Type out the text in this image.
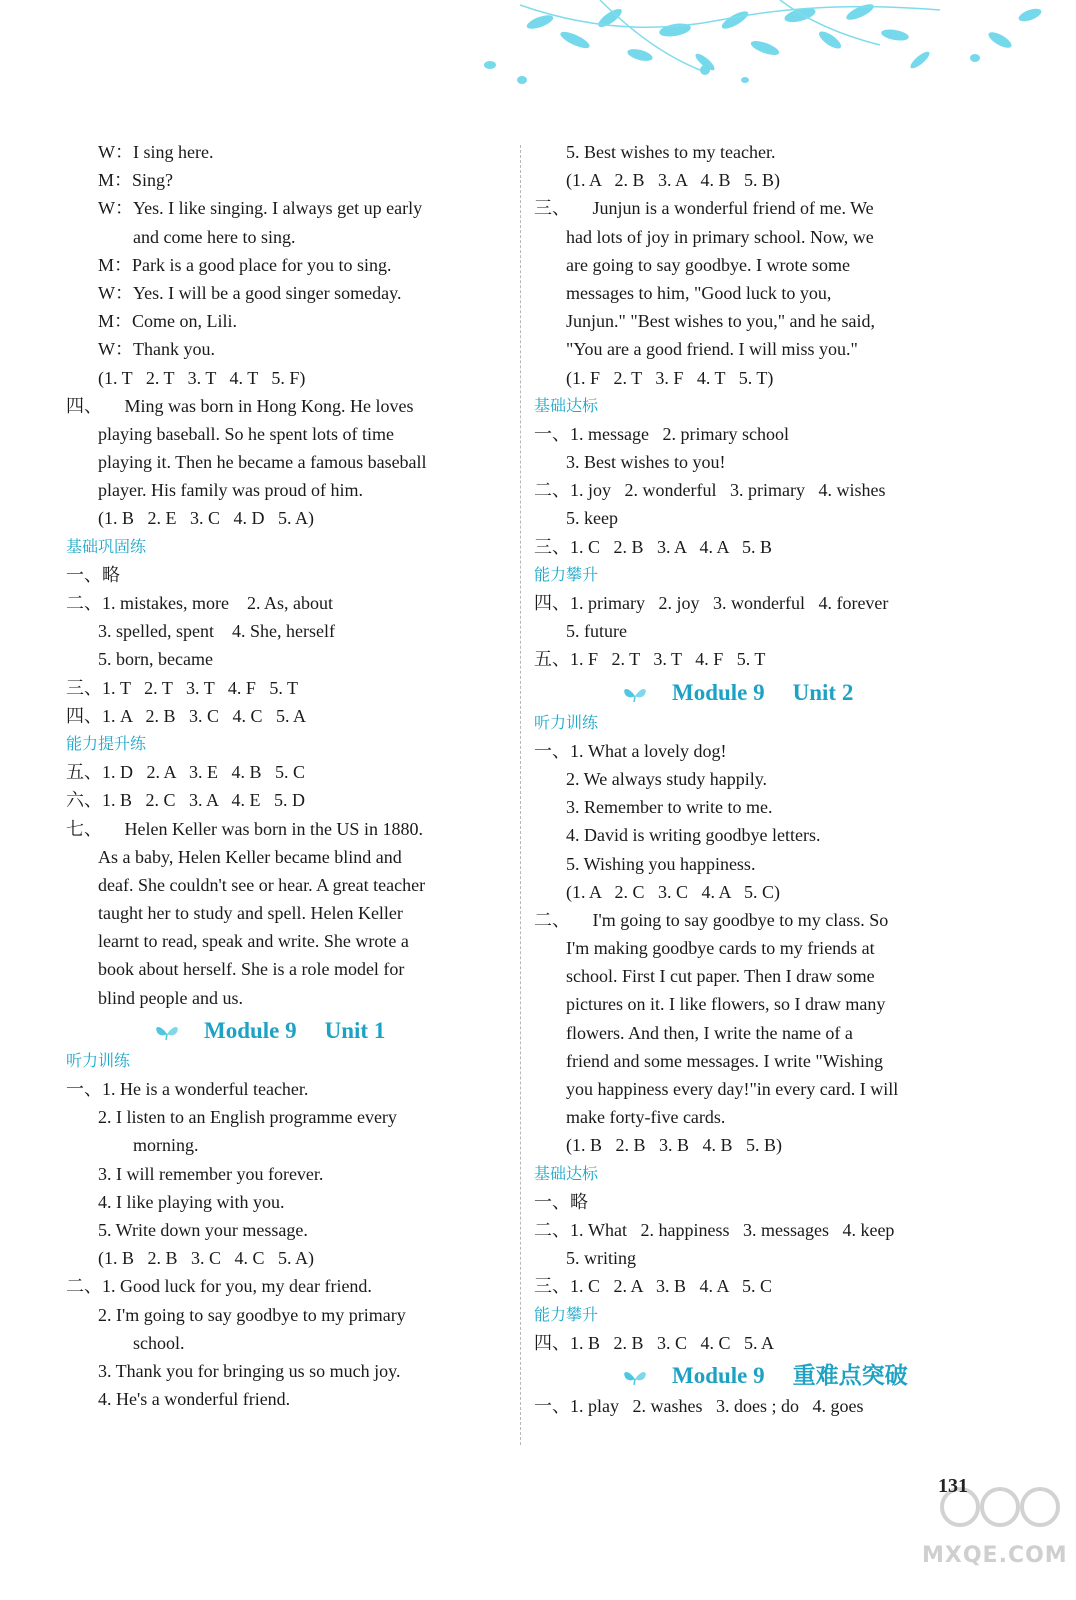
W：I sing here.
M：Sing?
W：Yes. I like singing. I always get up early
and come here to sing.
M：Park is a good place for you to sing.
W：Yes. I will be a good singer someday.
M：Come on, Lili.
W：Thank you.
(1. T   2. T   3. T   4. T   5. F)
四、     Ming was born in Hong Kong. He loves
playing baseball. So he spent lots of time
playing it. Then he became a famous baseball
player. His family was proud of him.
(1. B   2. E   3. C   4. D   5. A)
基础巩固练
一、略
二、1. mistakes, more    2. As, about
3. spelled, spent    4. She, herself
5. born, became
三、1. T   2. T   3. T   4. F   5. T
四、1. A   2. B   3. C   4. C   5. A
能力提升练
五、1. D   2. A   3. E   4. B   5. C
六、1. B   2. C   3. A   4. E   5. D
七、     Helen Keller was born in the US in 1880.
As a baby, Helen Keller became blind and
deaf. She couldn't see or hear. A great teacher
taught her to study and spell. Helen Keller
learnt to read, speak and write. She wrote a
book about herself. She is a role model for
blind people and us.
Module 9 Unit 1
听力训练
一、1. He is a wonderful teacher.
2. I listen to an English programme every
morning.
3. I will remember you forever.
4. I like playing with you.
5. Write down your message.
(1. B   2. B   3. C   4. C   5. A)
二、1. Good luck for you, my dear friend.
2. I'm going to say goodbye to my primary
school.
3. Thank you for bringing us so much joy.
4. He's a wonderful friend.
5. Best wishes to my teacher.
(1. A   2. B   3. A   4. B   5. B)
三、     Junjun is a wonderful friend of me. We
had lots of joy in primary school. Now, we
are going to say goodbye. I wrote some
messages to him, "Good luck to you,
Junjun." "Best wishes to you," and he said,
"You are a good friend. I will miss you."
(1. F   2. T   3. F   4. T   5. T)
基础达标
一、1. message   2. primary school
3. Best wishes to you!
二、1. joy   2. wonderful   3. primary   4. wishes
5. keep
三、1. C   2. B   3. A   4. A   5. B
能力攀升
四、1. primary   2. joy   3. wonderful   4. forever
5. future
五、1. F   2. T   3. T   4. F   5. T
Module 9 Unit 2
听力训练
一、1. What a lovely dog!
2. We always study happily.
3. Remember to write to me.
4. David is writing goodbye letters.
5. Wishing you happiness.
(1. A   2. C   3. C   4. A   5. C)
二、     I'm going to say goodbye to my class. So
I'm making goodbye cards to my friends at
school. First I cut paper. Then I draw some
pictures on it. I like flowers, so I draw many
flowers. And then, I write the name of a
friend and some messages. I write "Wishing
you happiness every day!"in every card. I will
make forty-five cards.
(1. B   2. B   3. B   4. B   5. B)
基础达标
一、略
二、1. What   2. happiness   3. messages   4. keep
5. writing
三、1. C   2. A   3. B   4. A   5. C
能力攀升
四、1. B   2. B   3. C   4. C   5. A
Module 9 重难点突破
一、1. play   2. washes   3. does ; do   4. goes
MXQE.COM
131
